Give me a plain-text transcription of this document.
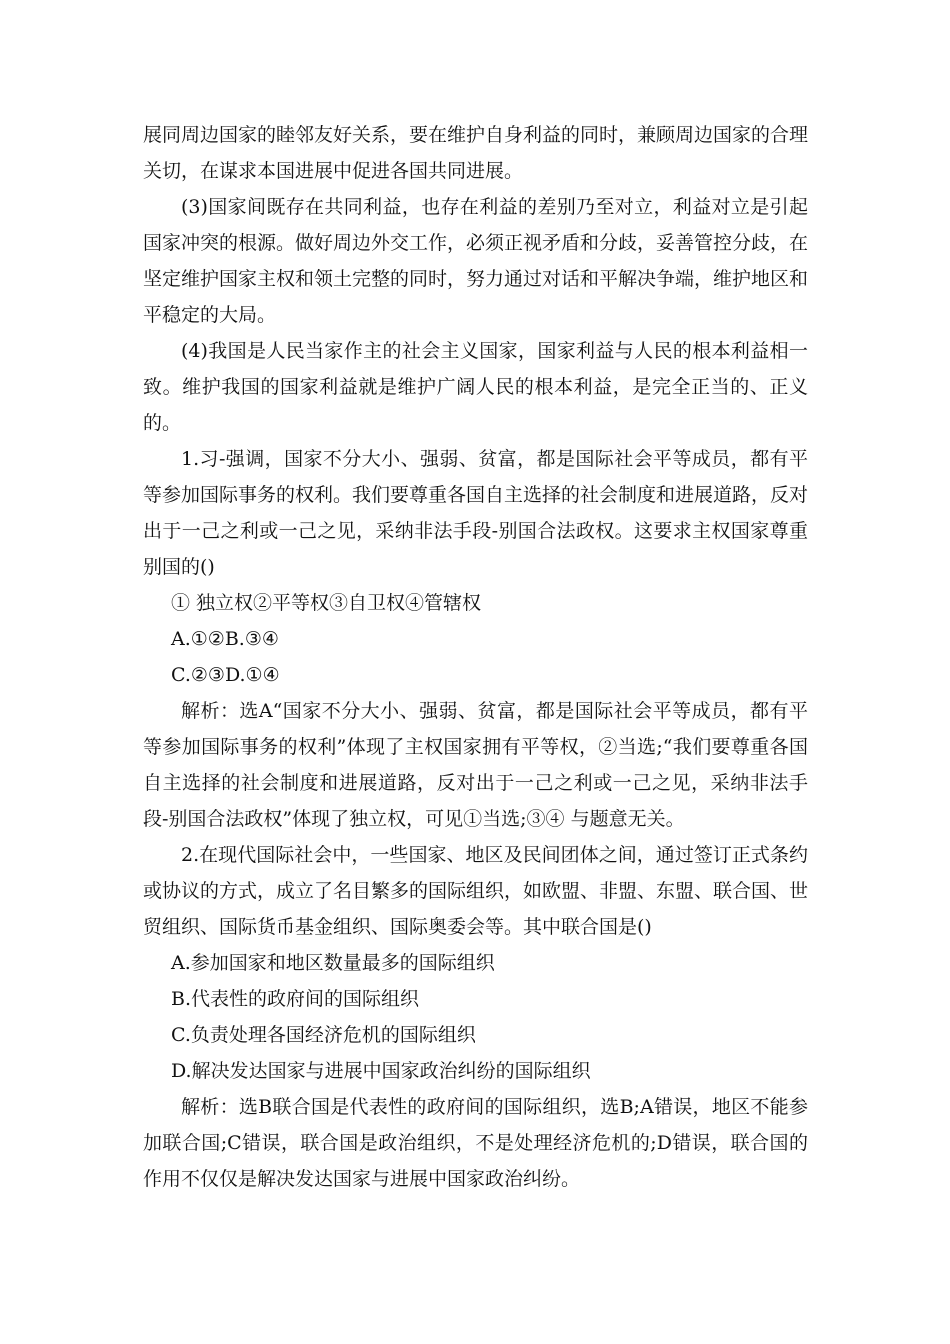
展同周边国家的睦邻友好关系，要在维护自身利益的同时，兼顾周边国家的合理关切，在谋求本国进展中促进各国共同进展。

(3)国家间既存在共同利益，也存在利益的差别乃至对立，利益对立是引起国家冲突的根源。做好周边外交工作，必须正视矛盾和分歧，妥善管控分歧，在坚定维护国家主权和领土完整的同时，努力通过对话和平解决争端，维护地区和平稳定的大局。

(4)我国是人民当家作主的社会主义国家，国家利益与人民的根本利益相一致。维护我国的国家利益就是维护广阔人民的根本利益，是完全正当的、正义的。

1.习-强调，国家不分大小、强弱、贫富，都是国际社会平等成员，都有平等参加国际事务的权利。我们要尊重各国自主选择的社会制度和进展道路，反对出于一己之利或一己之见，采纳非法手段-别国合法政权。这要求主权国家尊重别国的()

① 独立权②平等权③自卫权④管辖权

A.①②B.③④

C.②③D.①④

解析：选A“国家不分大小、强弱、贫富，都是国际社会平等成员，都有平等参加国际事务的权利”体现了主权国家拥有平等权，②当选;“我们要尊重各国自主选择的社会制度和进展道路，反对出于一己之利或一己之见，采纳非法手段-别国合法政权”体现了独立权，可见①当选;③④ 与题意无关。

2.在现代国际社会中，一些国家、地区及民间团体之间，通过签订正式条约或协议的方式，成立了名目繁多的国际组织，如欧盟、非盟、东盟、联合国、世贸组织、国际货币基金组织、国际奥委会等。其中联合国是()

A.参加国家和地区数量最多的国际组织

B.代表性的政府间的国际组织

C.负责处理各国经济危机的国际组织

D.解决发达国家与进展中国家政治纠纷的国际组织

解析：选B联合国是代表性的政府间的国际组织，选B;A错误，地区不能参加联合国;C错误，联合国是政治组织，不是处理经济危机的;D错误，联合国的作用不仅仅是解决发达国家与进展中国家政治纠纷。
